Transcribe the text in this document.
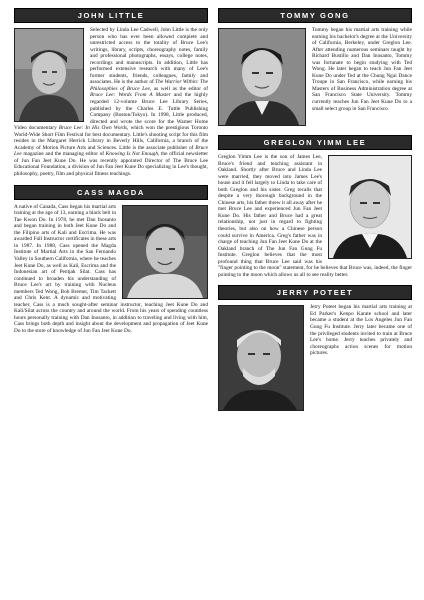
JOHN LITTLE
Selected by Linda Lee Cadwell, John Little is the only person who has ever been allowed complete and unrestricted access to the totality of Bruce Lee's writings, library, scripts, choreography notes, family and professional photographs, essays, college notes, recordings and manuscripts. In addition, Little has performed extensive research with many of Lee's former students, friends, colleagues, family and associates. He is the author of The Warrior Within: The Philosophies of Bruce Lee, as well as the editor of Bruce Lee: Words From A Master and the highly regarded 12-volume Bruce Lee Library Series, published by the Charles E. Tuttle Publishing Company (Boston/Tokyo). In 1998, Little produced, directed and wrote the score for the Warner Home Video documentary Bruce Lee: In His Own Words, which won the prestigious Toronto World-Wide Short Film Festival for best documentary. Little's shooting script for this film resides in the Margaret Herrick Library in Beverly Hills, California, a branch of the Academy of Motion Picture Arts and Sciences. Little is the associate publisher of Bruce Lee magazine and the managing editor of Knowing Is Not Enough, the official newsletter of Jun Fan Jeet Kune Do. He was recently appointed Director of The Bruce Lee Educational Foundation, a division of Jun Fan Jeet Kune Do specializing in Lee's thought, philosophy, poetry, film and physical fitness teachings.
CASS MAGDA
A native of Canada, Cass began his martial arts training at the age of 13, earning a black belt in Tae Kwon Do. In 1978, he met Dan Inosanto and began training in both Jeet Kune Do and the Filipino arts of Kali and Escrima. He was awarded Full Instructor certificates in these arts in 1987. In 1988, Cass opened the Magda Institute of Martial Arts in the San Fernando Valley in Southern California, where he teaches Jeet Kune Do, as well as Kali, Escrima and the Indonesian art of Pentjak Silat. Cass has continued to broaden his understanding of Bruce Lee's art by training with Nucleus members Ted Wong, Bob Bremer, Tim Tackett and Chris Kent. A dynamic and motivating teacher, Cass is a much sought-after seminar instructor, teaching Jeet Kune Do and Kali/Silat across the country and around the world. From his years of spending countless hours personally training with Dan Inosanto, in addition to traveling and living with him, Cass brings both depth and insight about the development and propagation of Jeet Kune Do to the store of knowledge of Jun Fan Jeet Kune Do.
TOMMY GONG
Tommy began his martial arts training while earning his bachelor's degree at the University of California, Berkeley, under Greglon Lee. After attending numerous seminars taught by Richard Bustillo and Dan Inosanto, Tommy was fortunate to begin studying with Ted Wong. He later began to teach Jun Fan Jeet Kune Do under Ted at the Chung Ngai Dance Troupe in San Francisco, while earning his Masters of Business Administration degree at San Francisco State University. Tommy currently teaches Jun Fan Jeet Kune Do to a small select group in San Francisco.
GREGLON YIMM LEE
Greglon Yimm Lee is the son of James Lee, Bruce's friend and teaching assistant in Oakland. Shortly after Bruce and Linda Lee were married, they moved into James Lee's house and it fell largely to Linda to take care of both Greglon and his sister. Greg recalls that despite a very thorough background in the Chinese arts, his father threw it all away after he met Bruce Lee and experienced Jun Fan Jeet Kune Do. His father and Bruce had a great relationship, not just in regard to fighting theories, but also on how a Chinese person could survive in America. Greg's father was in charge of teaching Jun Fan Jeet Kune Do at the Oakland branch of The Jun Fan Gung Fu Institute. Greglon believes that the most profound thing that Bruce Lee said was his "finger pointing to the moon" statement, for he believes that Bruce was, indeed, the finger pointing to the moon which allows us all to see reality better.
JERRY POTEET
Jerry Poteet began his martial arts training at Ed Parker's Kenpo Karate school and later became a student at the Los Angeles Jun Fan Gung Fu Institute. Jerry later became one of the privileged students invited to train at Bruce Lee's home. Jerry teaches privately and choreographs action scenes for motion pictures.
